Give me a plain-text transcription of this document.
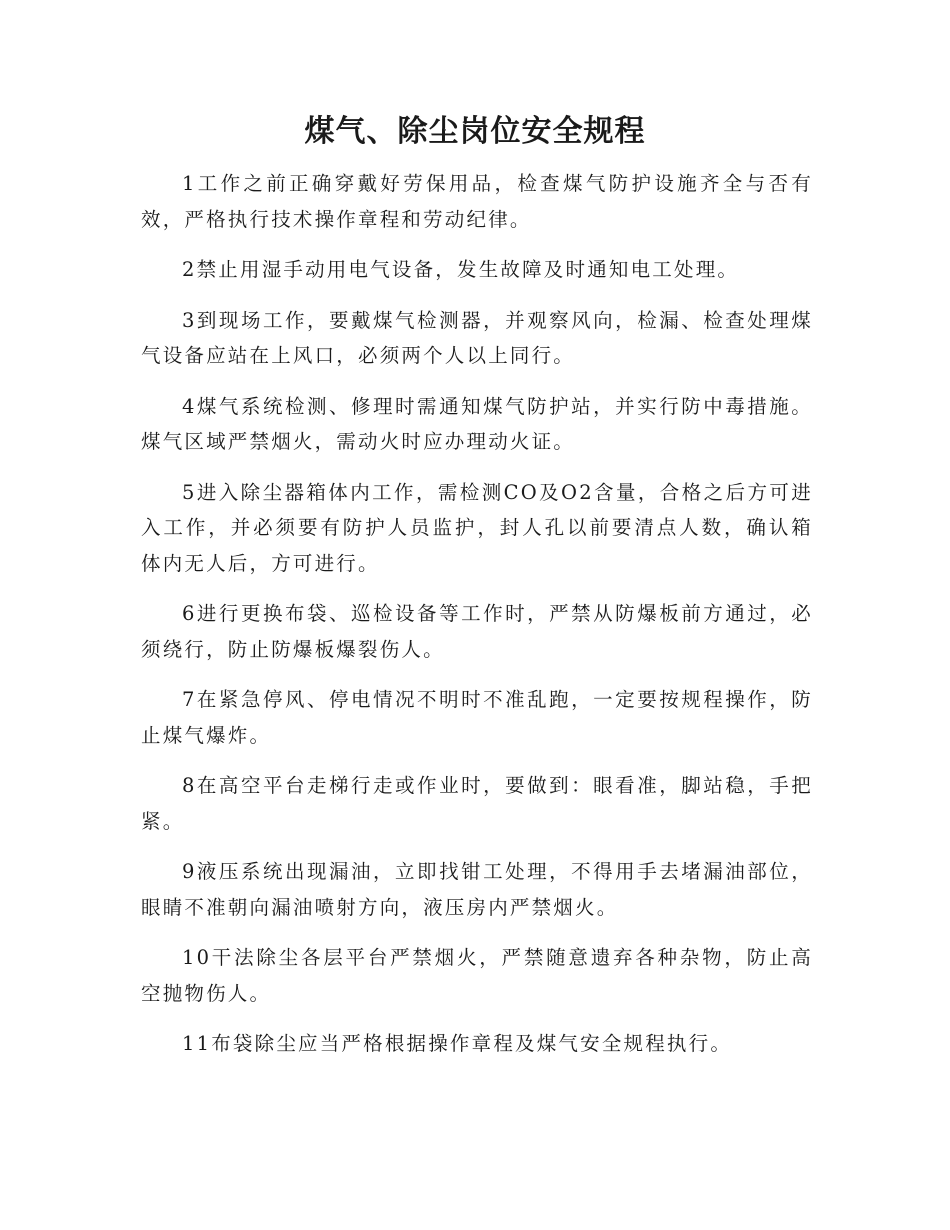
煤气、除尘岗位安全规程

1工作之前正确穿戴好劳保用品，检查煤气防护设施齐全与否有效，严格执行技术操作章程和劳动纪律。

2禁止用湿手动用电气设备，发生故障及时通知电工处理。

3到现场工作，要戴煤气检测器，并观察风向，检漏、检查处理煤气设备应站在上风口，必须两个人以上同行。

4煤气系统检测、修理时需通知煤气防护站，并实行防中毒措施。煤气区域严禁烟火，需动火时应办理动火证。

5进入除尘器箱体内工作，需检测CO及O2含量，合格之后方可进入工作，并必须要有防护人员监护，封人孔以前要清点人数，确认箱体内无人后，方可进行。

6进行更换布袋、巡检设备等工作时，严禁从防爆板前方通过，必须绕行，防止防爆板爆裂伤人。

7在紧急停风、停电情况不明时不准乱跑，一定要按规程操作，防止煤气爆炸。

8在高空平台走梯行走或作业时，要做到：眼看准，脚站稳，手把紧。

9液压系统出现漏油，立即找钳工处理，不得用手去堵漏油部位，眼睛不准朝向漏油喷射方向，液压房内严禁烟火。

10干法除尘各层平台严禁烟火，严禁随意遗弃各种杂物，防止高空抛物伤人。

11布袋除尘应当严格根据操作章程及煤气安全规程执行。
